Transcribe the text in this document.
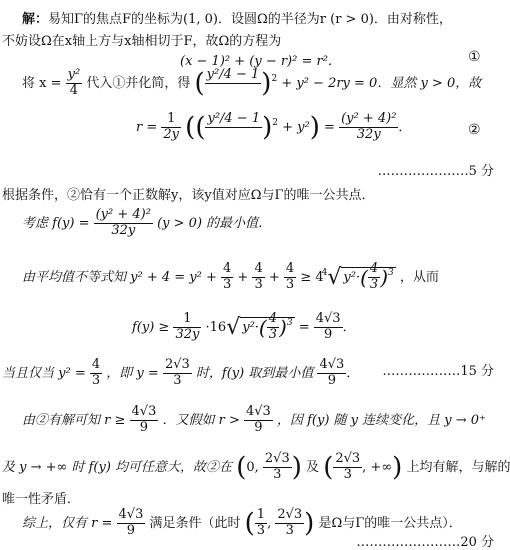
解：易知Γ的焦点F的坐标为(1, 0)．设圆Ω的半径为r (r > 0)．由对称性，
不妨设Ω在x轴上方与x轴相切于F，故Ω的方程为
(x − 1)² + (y − r)² = r²．	①
将 $x = \frac{\text{y²}}{4}$ 代入①并化简，得 ( y²/4 − 1
)$^2$ + y² − 2ry = 0．显然 y > 0，故
$r = \frac{1}{2y}$ (( y²/4 − 1
)$^2 + y^2) = \frac{\text{(y² + 4)²}}{32y}$ ．	②
…………………5 分
根据条件，②恰有一个正数解y，该y值对应Ω与Γ的唯一公共点．
考虑 $f(y) = \frac{\text{(y² + 4)²}}{32y} (y > 0)$ 的最小值．
由平均值不等式知 $y^2 + 4 = y^2 + \frac{4}{3} + \frac{4}{3} + \frac{4}{3} \ge 4^4√$ $y^2\cdot( \frac{4}{3} )^3$ ，从而
$f(y) \ge \frac{1}{32y} \cdot 16√$ $y^2\cdot( \frac{4}{3} )^3 = \frac{4√3}{9}$ ．
当且仅当 $y^2 = \frac{4}{3}$ ，即 $y = \frac{2√3}{3}$ 时，f(y) 取到最小值 $\frac{4√3}{9}$ ． ………………15 分
由②有解可知 $r \ge \frac{4√3}{9}$ ．又假如 $r > \frac{4√3}{9}$ ，因 f(y) 随 y 连续变化，且 y → 0⁺
及 y → +∞ 时 f(y) 均可任意大，故②在 (0, $\frac{2√3}{3}$ ) 及 ( $\frac{2√3}{3}$ , +∞) 上均有解，与解的
唯一性矛盾．
综上，仅有 $r = \frac{4√3}{9}$ 满足条件（此时 ( $\frac{1}{3}$ , $\frac{2√3}{3}$ ) 是Ω与Γ的唯一公共点）．
……………………20 分
